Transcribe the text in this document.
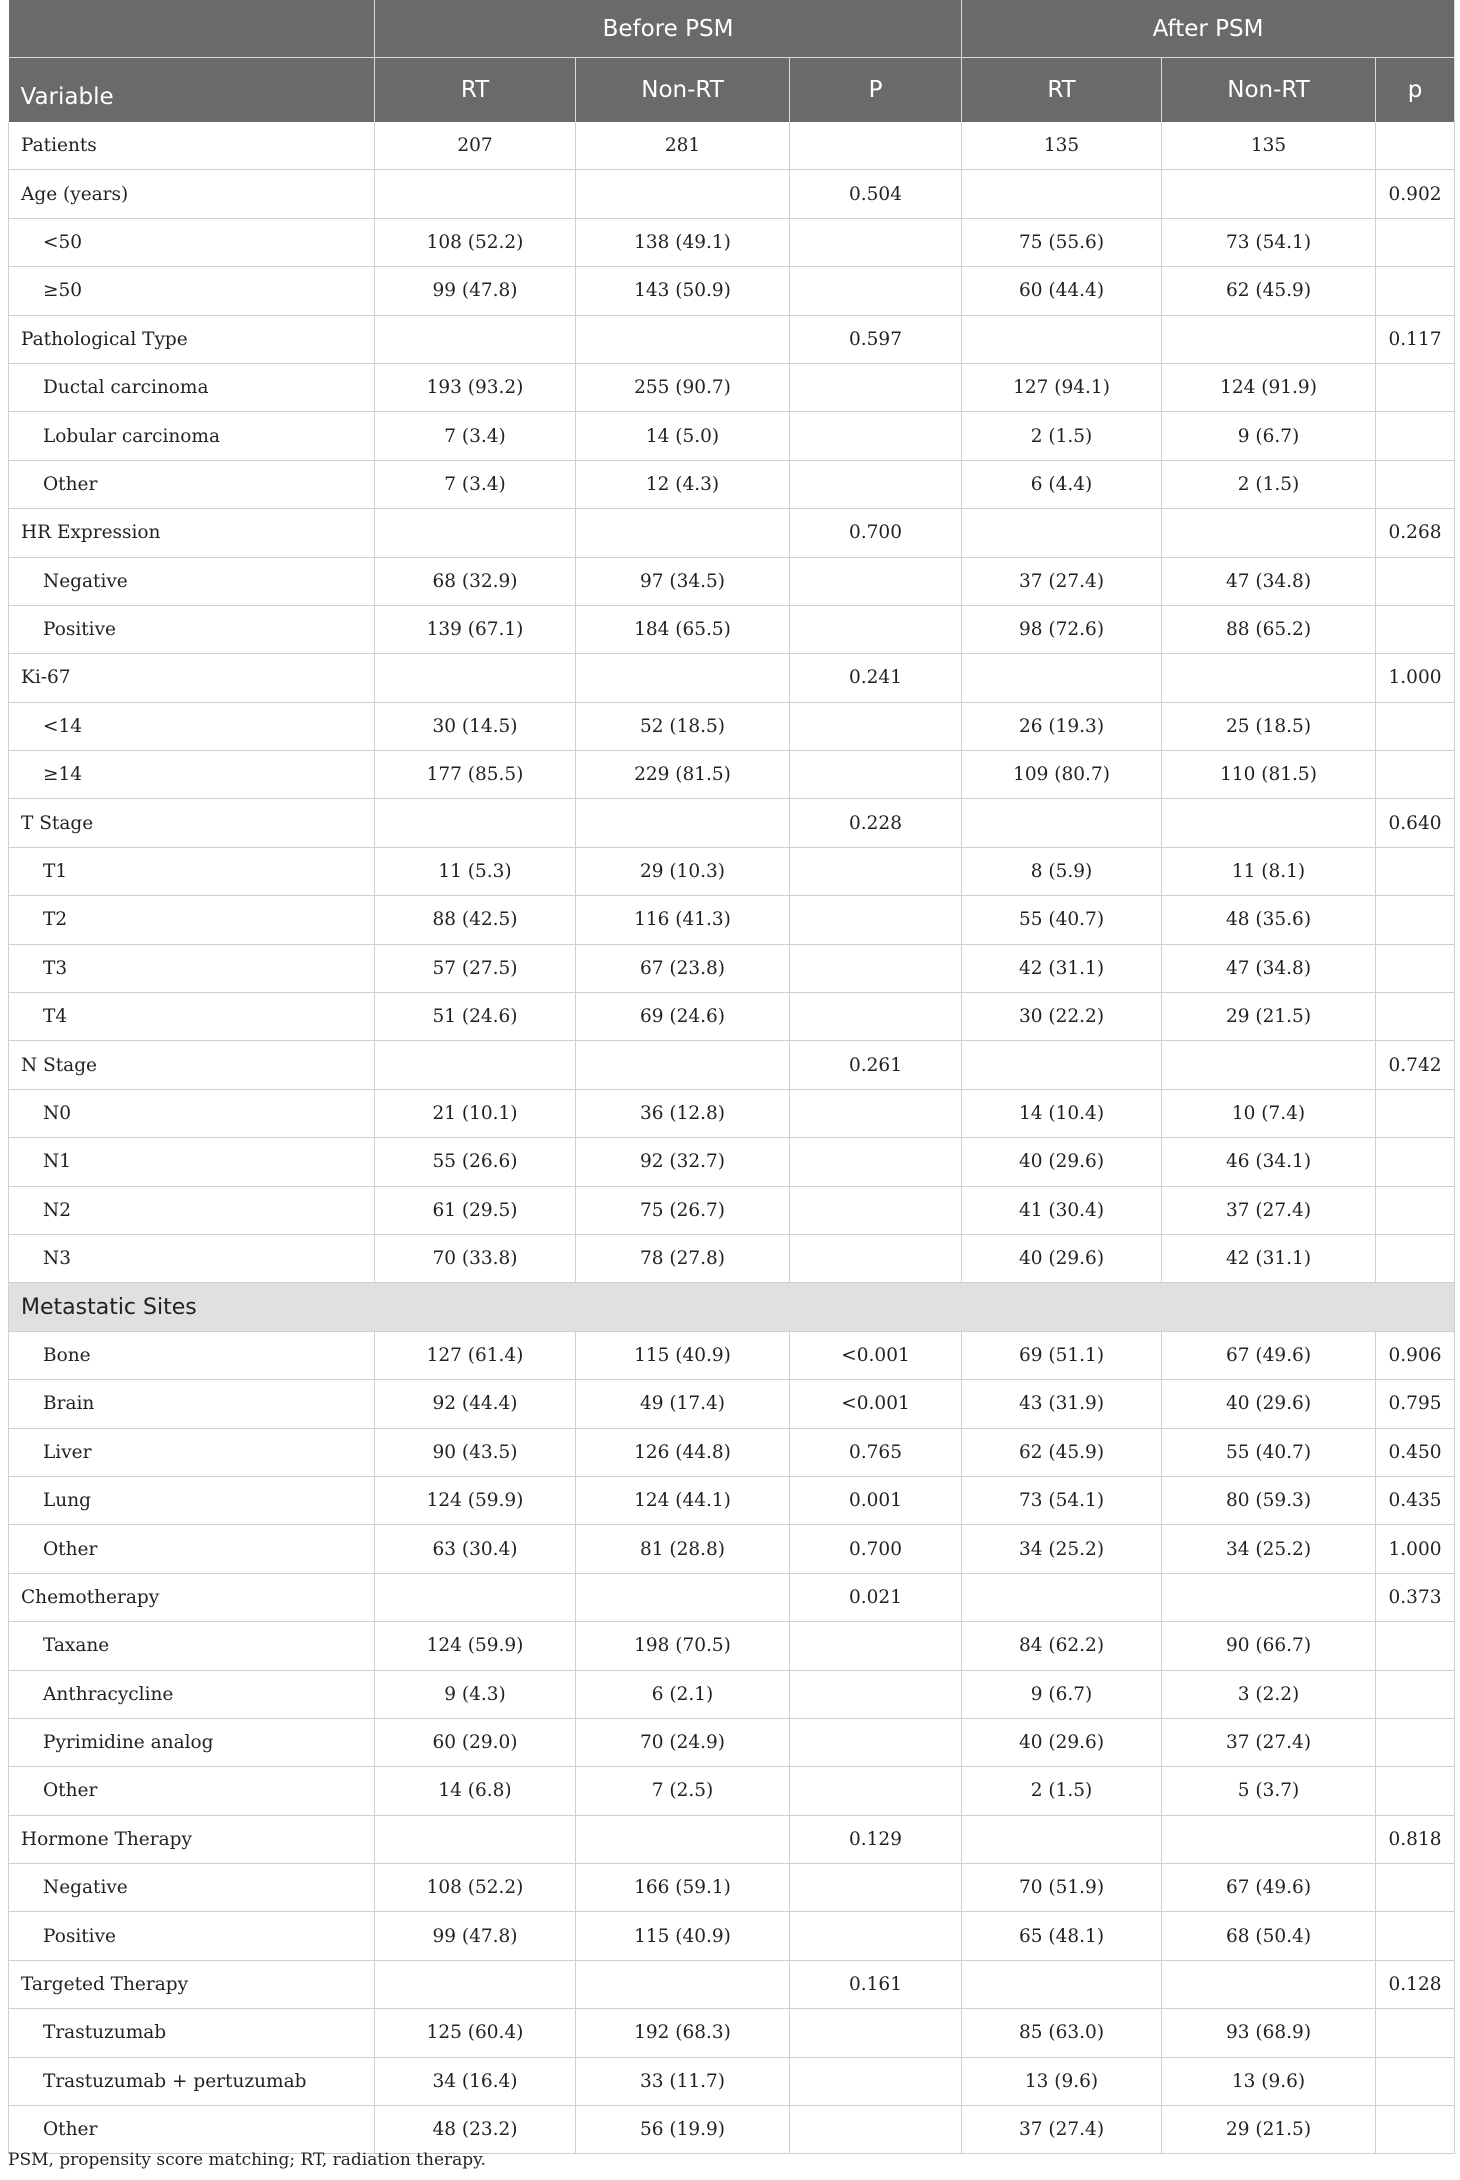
	Before PSM			After PSM		
Variable	RT	Non-RT	P	RT	Non-RT	p
Patients	207	281		135	135	
Age (years)			0.504			0.902
<50	108 (52.2)	138 (49.1)		75 (55.6)	73 (54.1)	
≥50	99 (47.8)	143 (50.9)		60 (44.4)	62 (45.9)	
Pathological Type			0.597			0.117
Ductal carcinoma	193 (93.2)	255 (90.7)		127 (94.1)	124 (91.9)	
Lobular carcinoma	7 (3.4)	14 (5.0)		2 (1.5)	9 (6.7)	
Other	7 (3.4)	12 (4.3)		6 (4.4)	2 (1.5)	
HR Expression			0.700			0.268
Negative	68 (32.9)	97 (34.5)		37 (27.4)	47 (34.8)	
Positive	139 (67.1)	184 (65.5)		98 (72.6)	88 (65.2)	
Ki-67			0.241			1.000
<14	30 (14.5)	52 (18.5)		26 (19.3)	25 (18.5)	
≥14	177 (85.5)	229 (81.5)		109 (80.7)	110 (81.5)	
T Stage			0.228			0.640
T1	11 (5.3)	29 (10.3)		8 (5.9)	11 (8.1)	
T2	88 (42.5)	116 (41.3)		55 (40.7)	48 (35.6)	
T3	57 (27.5)	67 (23.8)		42 (31.1)	47 (34.8)	
T4	51 (24.6)	69 (24.6)		30 (22.2)	29 (21.5)	
N Stage			0.261			0.742
N0	21 (10.1)	36 (12.8)		14 (10.4)	10 (7.4)	
N1	55 (26.6)	92 (32.7)		40 (29.6)	46 (34.1)	
N2	61 (29.5)	75 (26.7)		41 (30.4)	37 (27.4)	
N3	70 (33.8)	78 (27.8)		40 (29.6)	42 (31.1)	
Metastatic Sites						
Bone	127 (61.4)	115 (40.9)	<0.001	69 (51.1)	67 (49.6)	0.906
Brain	92 (44.4)	49 (17.4)	<0.001	43 (31.9)	40 (29.6)	0.795
Liver	90 (43.5)	126 (44.8)	0.765	62 (45.9)	55 (40.7)	0.450
Lung	124 (59.9)	124 (44.1)	0.001	73 (54.1)	80 (59.3)	0.435
Other	63 (30.4)	81 (28.8)	0.700	34 (25.2)	34 (25.2)	1.000
Chemotherapy			0.021			0.373
Taxane	124 (59.9)	198 (70.5)		84 (62.2)	90 (66.7)	
Anthracycline	9 (4.3)	6 (2.1)		9 (6.7)	3 (2.2)	
Pyrimidine analog	60 (29.0)	70 (24.9)		40 (29.6)	37 (27.4)	
Other	14 (6.8)	7 (2.5)		2 (1.5)	5 (3.7)	
Hormone Therapy			0.129			0.818
Negative	108 (52.2)	166 (59.1)		70 (51.9)	67 (49.6)	
Positive	99 (47.8)	115 (40.9)		65 (48.1)	68 (50.4)	
Targeted Therapy			0.161			0.128
Trastuzumab	125 (60.4)	192 (68.3)		85 (63.0)	93 (68.9)	
Trastuzumab + pertuzumab	34 (16.4)	33 (11.7)		13 (9.6)	13 (9.6)	
Other	48 (23.2)	56 (19.9)		37 (27.4)	29 (21.5)	
PSM, propensity score matching; RT, radiation therapy.
